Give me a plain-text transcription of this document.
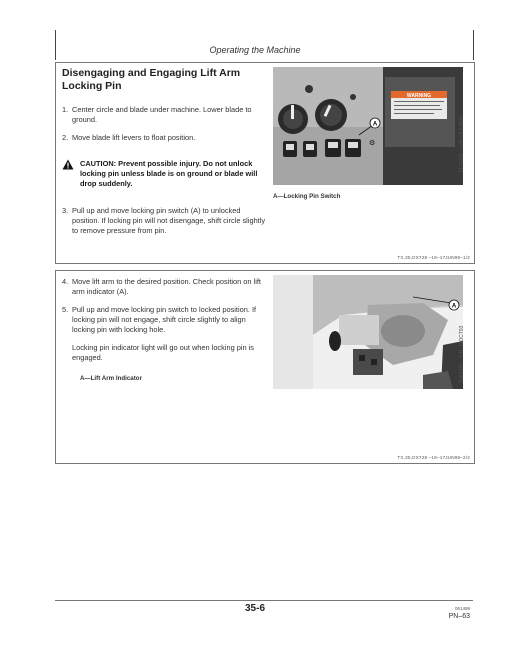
Operating the Machine
Disengaging and Engaging Lift Arm Locking Pin
1. Center circle and blade under machine. Lower blade to ground.
2. Move blade lift levers to float position.
CAUTION: Prevent possible injury. Do not unlock locking pin unless blade is on ground or blade will drop suddenly.
3. Pull up and move locking pin switch (A) to unlocked position. If locking pin will not disengage, shift circle slightly to remove pressure from pin.
WARNING
⚙
A	T170215 —UN–25JUN99
A—Locking Pin Switch
TX,35,DX728 –19–17JUN99–1/2
4. Move lift arm to the desired position. Check position on lift arm indicator (A).
5. Pull up and move locking pin switch to locked position. If locking pin will not engage, shift circle slightly to align locking pin with locking hole.
Locking pin indicator light will go out when locking pin is engaged.
A—Lift Arm Indicator
A
T083845 —UN–11OCT93
TX,35,DX728 –19–17JUN99–2/2
35-6	061499
PN–63
